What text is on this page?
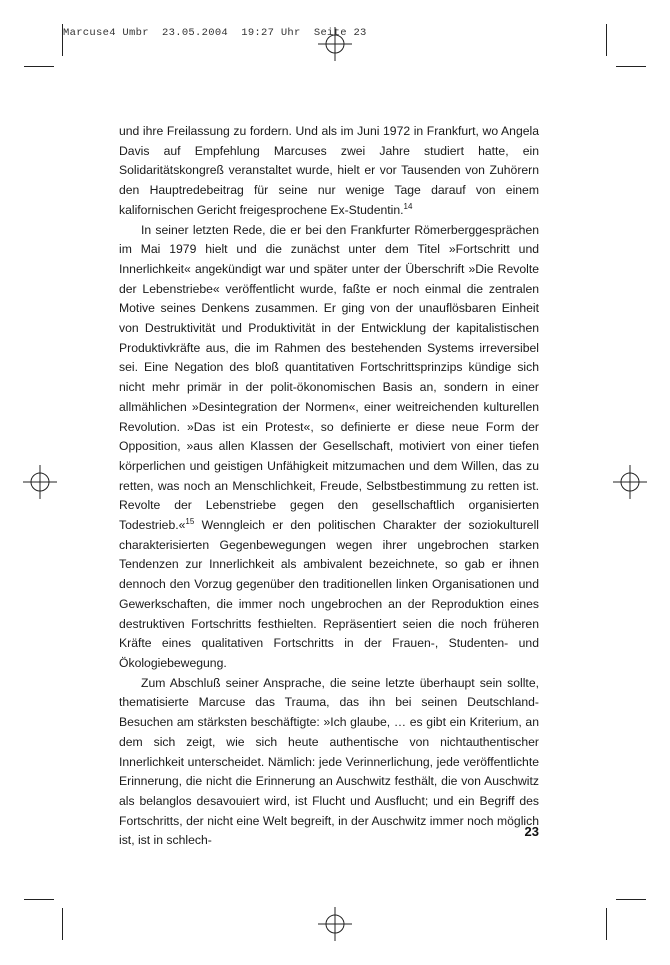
Marcuse4 Umbr  23.05.2004  19:27 Uhr  Seite 23

und ihre Freilassung zu fordern. Und als im Juni 1972 in Frankfurt, wo Angela Davis auf Empfehlung Marcuses zwei Jahre studiert hatte, ein Solidaritätskongreß veranstaltet wurde, hielt er vor Tausenden von Zuhörern den Hauptredebeitrag für seine nur wenige Tage darauf von einem kalifornischen Gericht freigesprochene Ex-Studentin.$^{14}$

In seiner letzten Rede, die er bei den Frankfurter Römerberggesprächen im Mai 1979 hielt und die zunächst unter dem Titel »Fortschritt und Innerlichkeit« angekündigt war und später unter der Überschrift »Die Revolte der Lebenstriebe« veröffentlicht wurde, faßte er noch einmal die zentralen Motive seines Denkens zusammen. Er ging von der unauflösbaren Einheit von Destruktivität und Produktivität in der Entwicklung der kapitalistischen Produktivkräfte aus, die im Rahmen des bestehenden Systems irreversibel sei. Eine Negation des bloß quantitativen Fortschrittsprinzips kündige sich nicht mehr primär in der polit-ökonomischen Basis an, sondern in einer allmählichen »Desintegration der Normen«, einer weitreichenden kulturellen Revolution. »Das ist ein Protest«, so definierte er diese neue Form der Opposition, »aus allen Klassen der Gesellschaft, motiviert von einer tiefen körperlichen und geistigen Unfähigkeit mitzumachen und dem Willen, das zu retten, was noch an Menschlichkeit, Freude, Selbstbestimmung zu retten ist. Revolte der Lebenstriebe gegen den gesellschaftlich organisierten Todestrieb.«$^{15}$ Wenngleich er den politischen Charakter der soziokulturell charakterisierten Gegenbewegungen wegen ihrer ungebrochen starken Tendenzen zur Innerlichkeit als ambivalent bezeichnete, so gab er ihnen dennoch den Vorzug gegenüber den traditionellen linken Organisationen und Gewerkschaften, die immer noch ungebrochen an der Reproduktion eines destruktiven Fortschritts festhielten. Repräsentiert seien die noch früheren Kräfte eines qualitativen Fortschritts in der Frauen-, Studenten- und Ökologiebewegung.

Zum Abschluß seiner Ansprache, die seine letzte überhaupt sein sollte, thematisierte Marcuse das Trauma, das ihn bei seinen Deutschland-Besuchen am stärksten beschäftigte: »Ich glaube, … es gibt ein Kriterium, an dem sich zeigt, wie sich heute authentische von nichtauthentischer Innerlichkeit unterscheidet. Nämlich: jede Verinnerlichung, jede veröffentlichte Erinnerung, die nicht die Erinnerung an Auschwitz festhält, die von Auschwitz als belanglos desavouiert wird, ist Flucht und Ausflucht; und ein Begriff des Fortschritts, der nicht eine Welt begreift, in der Auschwitz immer noch möglich ist, ist in schlech-

23
